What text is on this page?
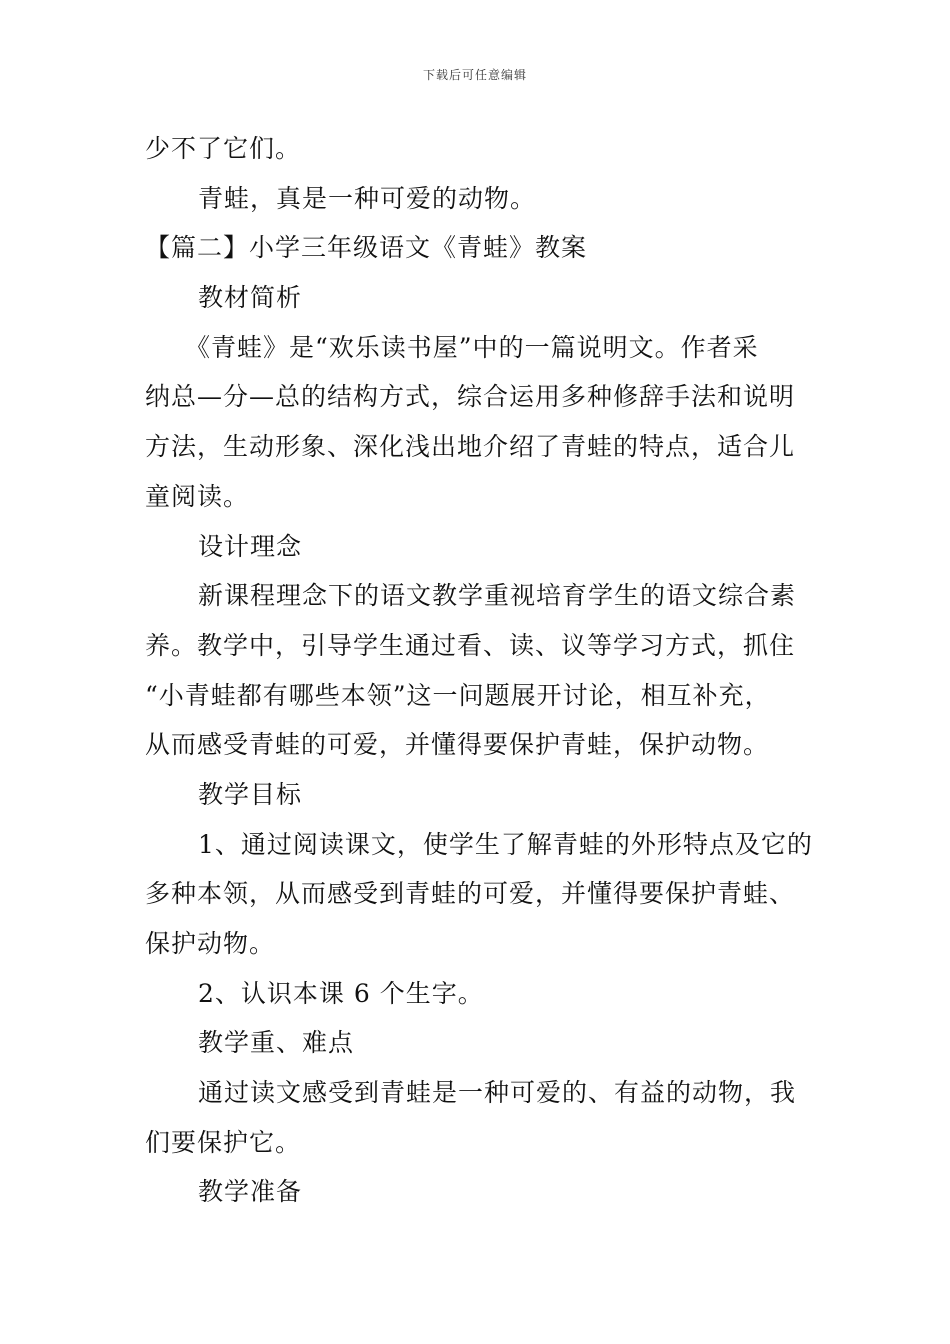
下载后可任意编辑
少不了它们。
青蛙，真是一种可爱的动物。
【篇二】小学三年级语文《青蛙》教案
教材简析
《青蛙》是“欢乐读书屋”中的一篇说明文。作者采
纳总—分—总的结构方式，综合运用多种修辞手法和说明
方法，生动形象、深化浅出地介绍了青蛙的特点，适合儿
童阅读。
设计理念
新课程理念下的语文教学重视培育学生的语文综合素
养。教学中，引导学生通过看、读、议等学习方式，抓住
“小青蛙都有哪些本领”这一问题展开讨论，相互补充，
从而感受青蛙的可爱，并懂得要保护青蛙，保护动物。
教学目标
1、通过阅读课文，使学生了解青蛙的外形特点及它的
多种本领，从而感受到青蛙的可爱，并懂得要保护青蛙、
保护动物。
2、认识本课 6 个生字。
教学重、难点
通过读文感受到青蛙是一种可爱的、有益的动物，我
们要保护它。
教学准备
